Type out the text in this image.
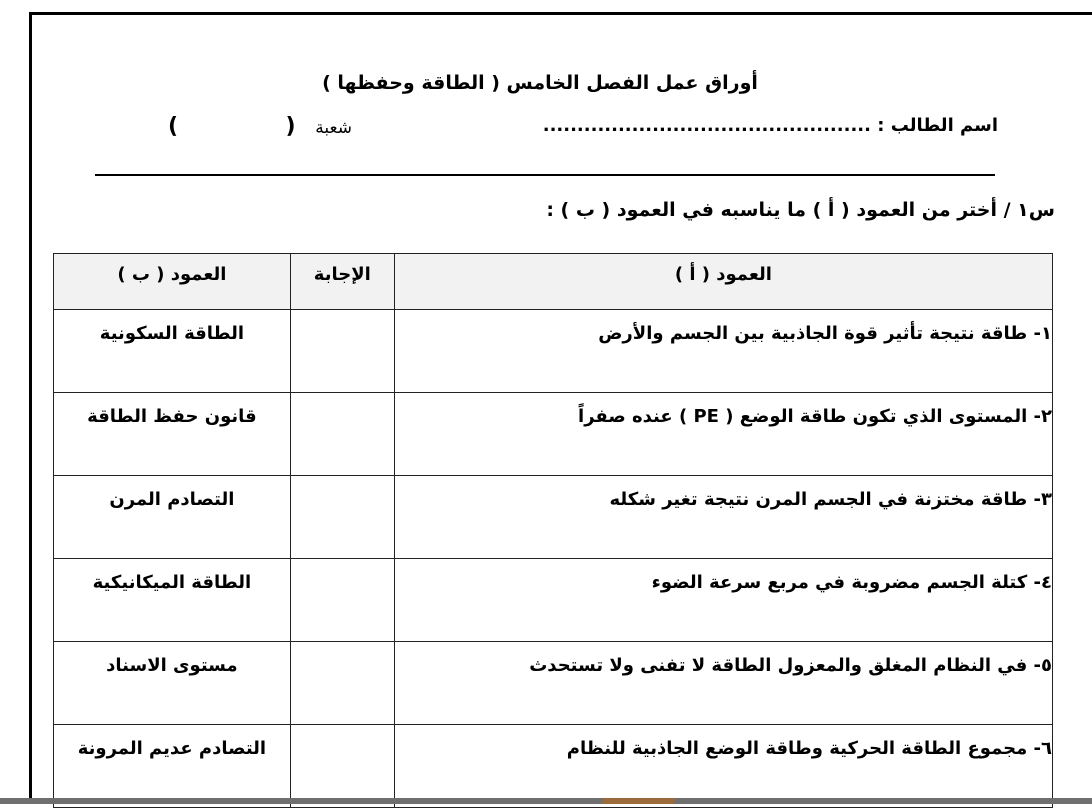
أوراق عمل الفصل الخامس ( الطاقة وحفظها )
اسم الطالب : ................................................
شعبة (  )
س١ / أختر من العمود ( أ ) ما يناسبه في العمود ( ب ) :
العمود ( أ )	الإجابة	العمود ( ب )
١- طاقة نتيجة تأثير قوة الجاذبية بين الجسم والأرض		الطاقة السكونية
٢- المستوى الذي تكون طاقة الوضع ( PE ) عنده صفراً		قانون حفظ الطاقة
٣- طاقة مختزنة في الجسم المرن نتيجة تغير شكله		التصادم المرن
٤- كتلة الجسم مضروبة في مربع سرعة الضوء		الطاقة الميكانيكية
٥- في النظام المغلق والمعزول الطاقة لا تفنى ولا تستحدث		مستوى الاسناد
٦- مجموع الطاقة الحركية وطاقة الوضع الجاذبية للنظام		التصادم عديم المرونة
